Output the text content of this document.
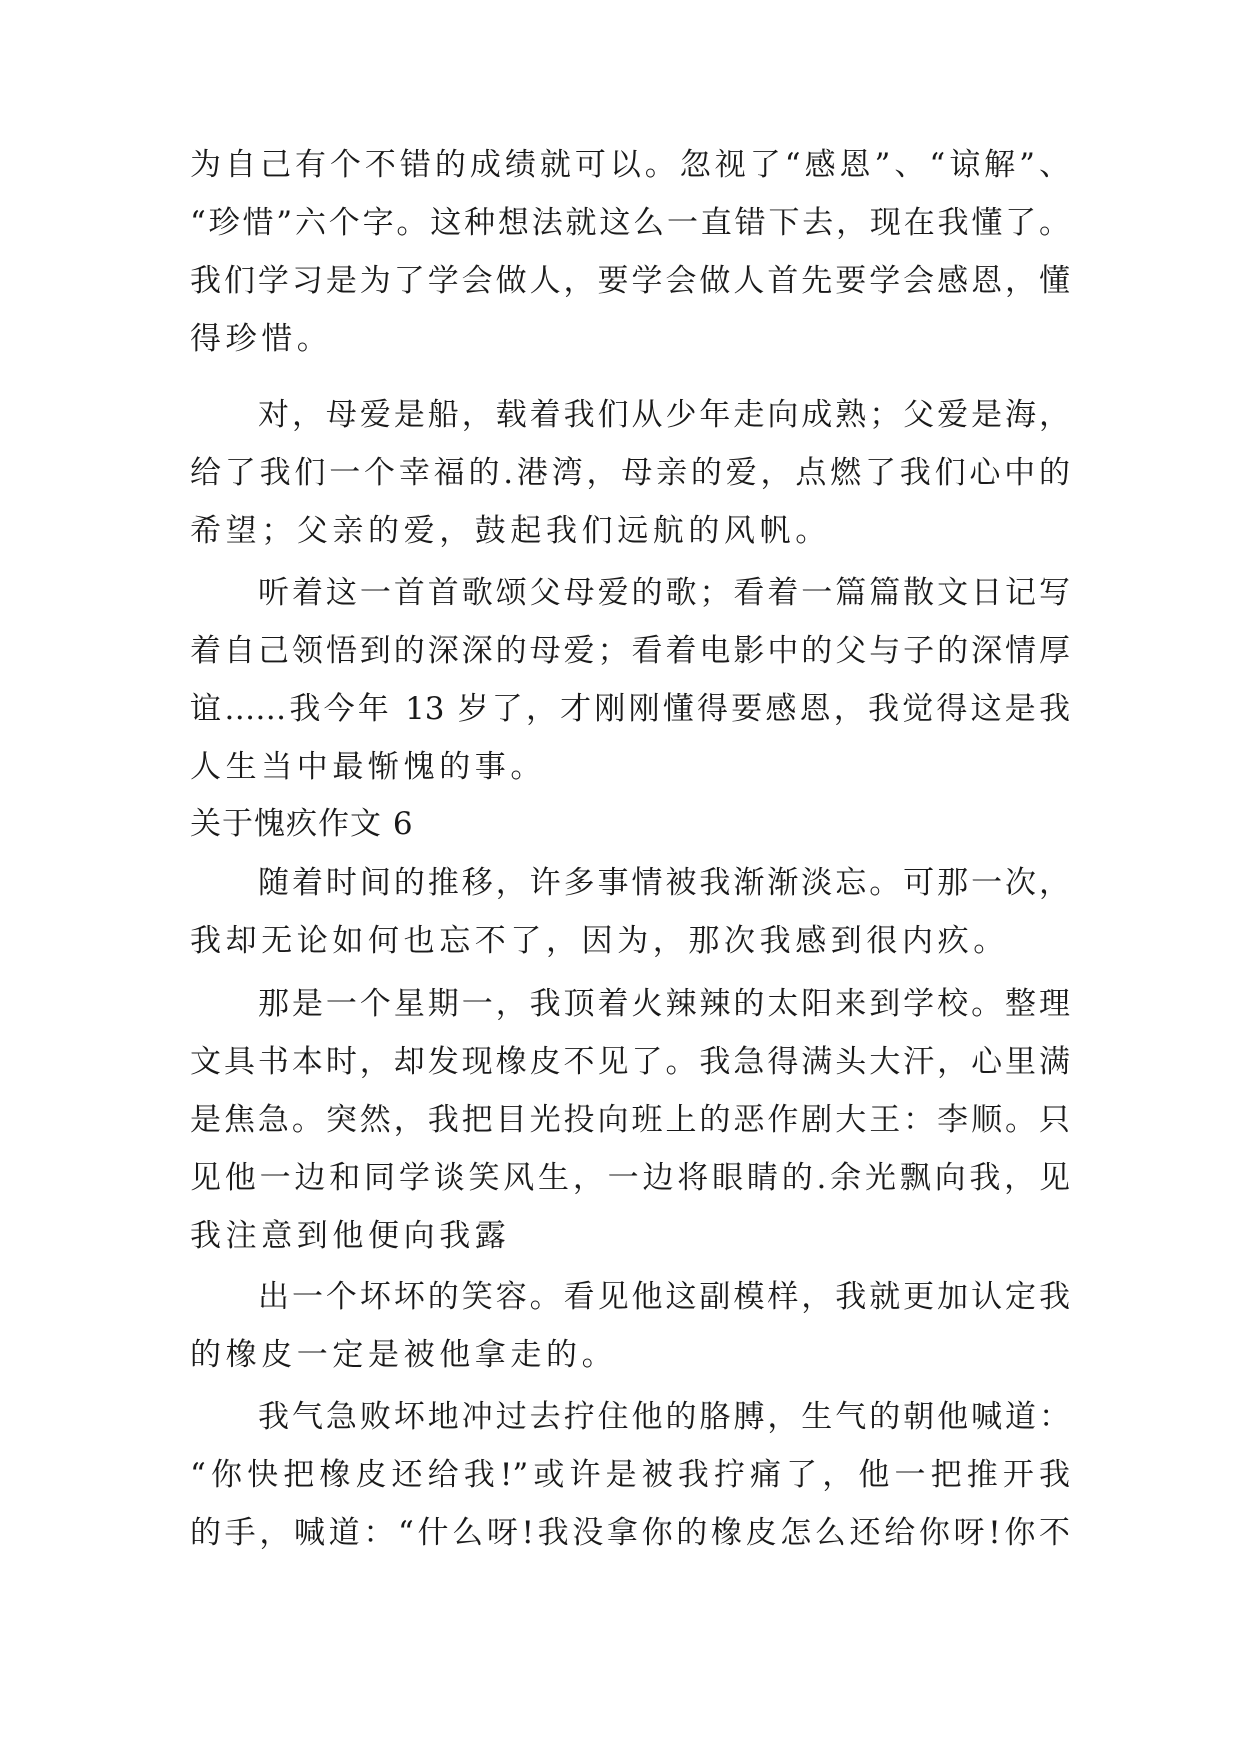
为自己有个不错的成绩就可以。忽视了“感恩”、“谅解”、
“珍惜”六个字。这种想法就这么一直错下去，现在我懂了。
我们学习是为了学会做人，要学会做人首先要学会感恩，懂
得珍惜。
对，母爱是船，载着我们从少年走向成熟；父爱是海，
给了我们一个幸福的.港湾，母亲的爱，点燃了我们心中的
希望；父亲的爱，鼓起我们远航的风帆。
听着这一首首歌颂父母爱的歌；看着一篇篇散文日记写
着自己领悟到的深深的母爱；看着电影中的父与子的深情厚
谊……我今年 13 岁了，才刚刚懂得要感恩，我觉得这是我
人生当中最惭愧的事。
关于愧疚作文 6
随着时间的推移，许多事情被我渐渐淡忘。可那一次，
我却无论如何也忘不了，因为，那次我感到很内疚。
那是一个星期一，我顶着火辣辣的太阳来到学校。整理
文具书本时，却发现橡皮不见了。我急得满头大汗，心里满
是焦急。突然，我把目光投向班上的恶作剧大王：李顺。只
见他一边和同学谈笑风生，一边将眼睛的.余光飘向我，见
我注意到他便向我露
出一个坏坏的笑容。看见他这副模样，我就更加认定我
的橡皮一定是被他拿走的。
我气急败坏地冲过去拧住他的胳膊，生气的朝他喊道：
“你快把橡皮还给我!”或许是被我拧痛了，他一把推开我
的手，喊道：“什么呀!我没拿你的橡皮怎么还给你呀!你不
